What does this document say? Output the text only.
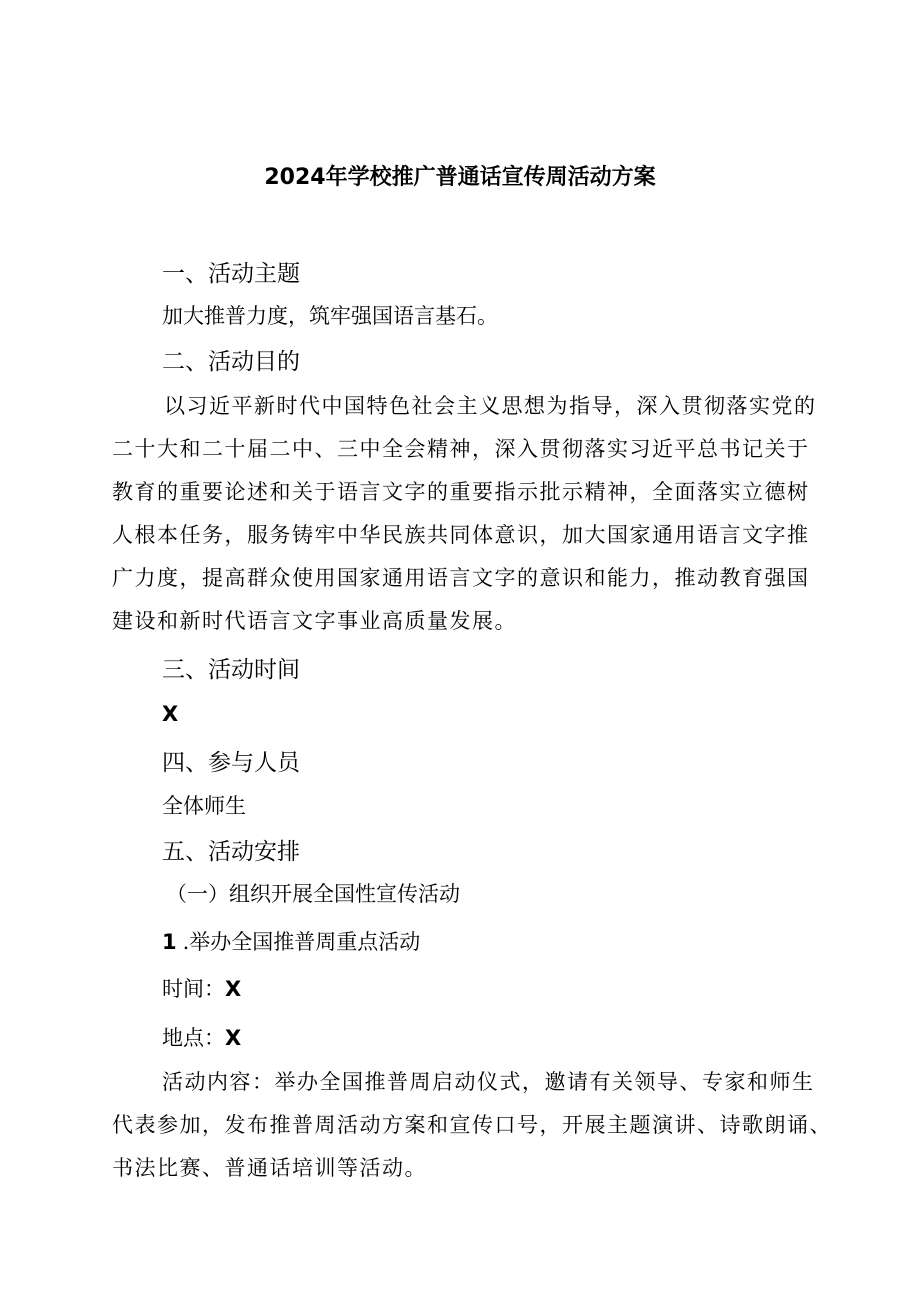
2024年学校推广普通话宣传周活动方案
一、活动主题
加大推普力度，筑牢强国语言基石。
二、活动目的
以习近平新时代中国特色社会主义思想为指导，深入贯彻落实党的
二十大和二十届二中、三中全会精神，深入贯彻落实习近平总书记关于
教育的重要论述和关于语言文字的重要指示批示精神，全面落实立德树
人根本任务，服务铸牢中华民族共同体意识，加大国家通用语言文字推
广力度，提高群众使用国家通用语言文字的意识和能力，推动教育强国
建设和新时代语言文字事业高质量发展。
三、活动时间
X
四、参与人员
全体师生
五、活动安排
（一）组织开展全国性宣传活动
1 .举办全国推普周重点活动
时间：X
地点：X
活动内容：举办全国推普周启动仪式，邀请有关领导、专家和师生
代表参加，发布推普周活动方案和宣传口号，开展主题演讲、诗歌朗诵、
书法比赛、普通话培训等活动。
